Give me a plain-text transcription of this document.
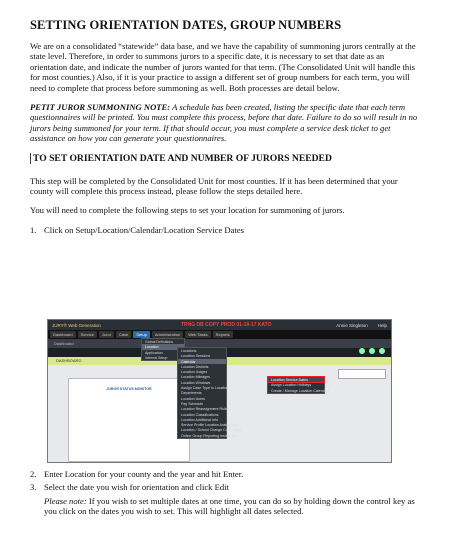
SETTING ORIENTATION DATES, GROUP NUMBERS

We are on a consolidated “statewide” data base, and we have the capability of summoning jurors centrally at the state level. Therefore, in order to summons jurors to a specific date, it is necessary to set that date as an orientation date, and indicate the number of jurors wanted for that term. (The Consolidated Unit will handle this for most counties.) Also, if it is your practice to assign a different set of group numbers for each term, you will need to complete that process before summoning as well. Both processes are detail below.

PETIT JUROR SUMMONING NOTE: A schedule has been created, listing the specific date that each term questionnaires will be printed. You must complete this process, before that date. Failure to do so will result in no jurors being summoned for your term. If that should occur, you must complete a service desk ticket to get assistance on how you can generate your questionnaires.

TO SET ORIENTATION DATE AND NUMBER OF JURORS NEEDED

This step will be completed by the Consolidated Unit for most counties. If it has been determined that your county will complete this process instead, please follow the steps detailed here.

You will need to complete the following steps to set your location for summoning of jurors.

1. Click on Setup/Location/Calendar/Location Service Dates
JURY® Web Generation	TRNG DB COPY PROD 01-19-17 KATO	Annie Singleton Help
Dashboard	Service	Juror	Case	Setup	Administration	Web Tasks	Reports
Dashboard
DASHBOARD
JUROR STATUS MONITOR
Global Definitions
Location
Application
Internal Setup
Locations
Location Sessions
Calendar
Location Districts
Location Judges
Location Mileages
Location Windows
Assign Case Type to Location
Departments
Location Users
Pay Schedule
Location Reassignment Rules
Location Classifications
Location Additional Info
Service Profile Location Assignment
Location / School Change Code Mgmt
Online Group Reporting Instructions
Location Service Dates
Assign Location Holidays
Create / Manage Location Calendars
2. Enter Location for your county and the year and hit Enter.
3. Select the date you wish for orientation and click Edit
Please note: If you wish to set multiple dates at one time, you can do so by holding down the control key as you click on the dates you wish to set. This will highlight all dates selected.
